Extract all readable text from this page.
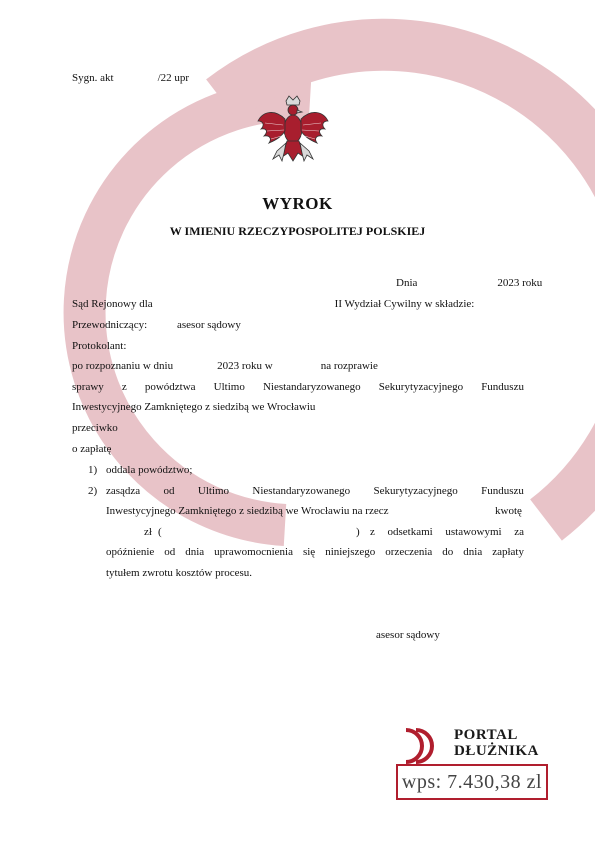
Sygn. akt	/22 upr
WYROK
W IMIENIU RZECZYPOSPOLITEJ POLSKIEJ
Dnia	2023 roku
Sąd Rejonowy dla	II Wydział Cywilny w składzie:
Przewodniczący:	asesor sądowy
Protokolant:
po rozpoznaniu w dniu	2023 roku w	na rozprawie
sprawy z powództwa Ultimo Niestandaryzowanego Sekurytyzacyjnego Funduszu
Inwestycyjnego Zamkniętego z siedzibą we Wrocławiu
przeciwko
o zapłatę
1) oddala powództwo;
2) zasądza od Ultimo Niestandaryzowanego Sekurytyzacyjnego Funduszu
Inwestycyjnego Zamkniętego z siedzibą we Wrocławiu na rzecz	kwotę
zł (	) z odsetkami ustawowymi za
opóźnienie od dnia uprawomocnienia się niniejszego orzeczenia do dnia zapłaty
tytułem zwrotu kosztów procesu.
asesor sądowy
PORTAL
DŁUŻNIKA
wps: 7.430,38 zl
